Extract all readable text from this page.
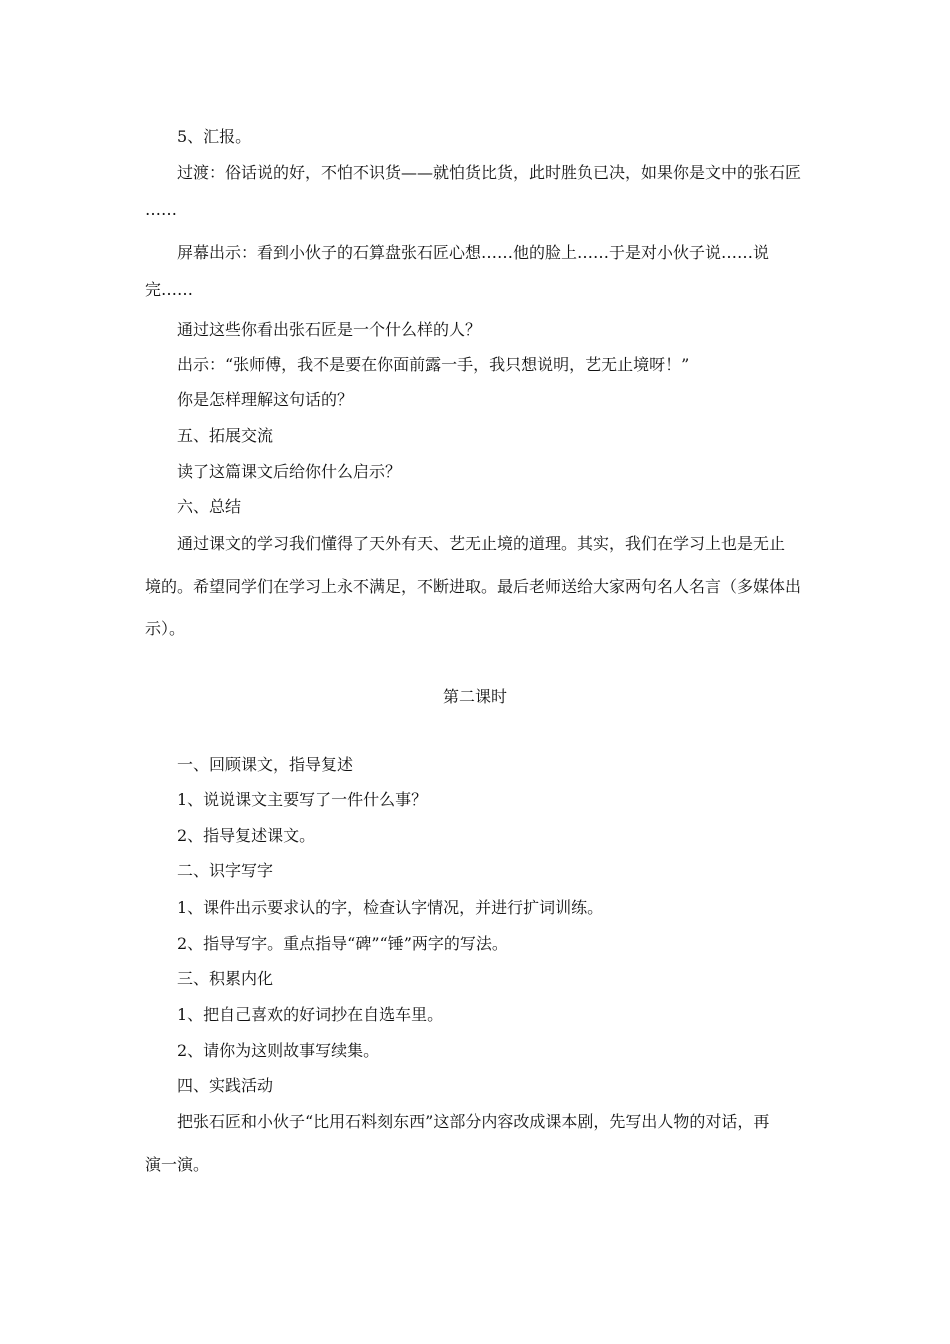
5、汇报。
过渡：俗话说的好，不怕不识货——就怕货比货，此时胜负已决，如果你是文中的张石匠
……
屏幕出示：看到小伙子的石算盘张石匠心想……他的脸上……于是对小伙子说……说
完……
通过这些你看出张石匠是一个什么样的人？
出示：“张师傅，我不是要在你面前露一手，我只想说明，艺无止境呀！”
你是怎样理解这句话的？
五、拓展交流
读了这篇课文后给你什么启示？
六、总结
通过课文的学习我们懂得了天外有天、艺无止境的道理。其实，我们在学习上也是无止
境的。希望同学们在学习上永不满足，不断进取。最后老师送给大家两句名人名言（多媒体出
示）。
第二课时
一、回顾课文，指导复述
1、说说课文主要写了一件什么事？
2、指导复述课文。
二、识字写字
1、课件出示要求认的字，检查认字情况，并进行扩词训练。
2、指导写字。重点指导“碑”“锤”两字的写法。
三、积累内化
1、把自己喜欢的好词抄在自选车里。
2、请你为这则故事写续集。
四、实践活动
把张石匠和小伙子“比用石料刻东西”这部分内容改成课本剧，先写出人物的对话，再
演一演。
